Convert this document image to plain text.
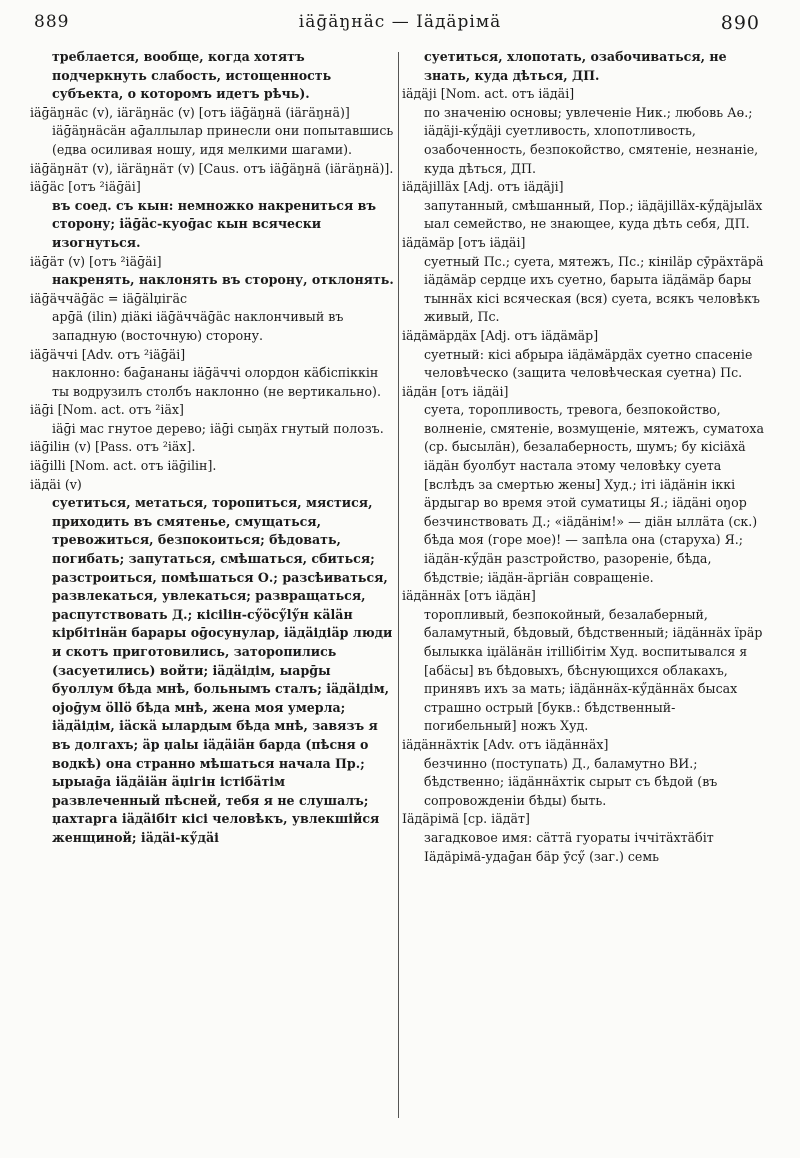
889	iäḡäŋнäс — Іäдäрімä	890
треблается, вообще, когда хотятъ подчеркнуть слабость, истощенность субъекта, о которомъ идетъ рѣчь).
iäḡäŋнäс (v), iäгäŋнäс (v) [отъ iäḡäŋнä (iäгäŋнä)]
iäḡäŋнäсäн аḡаллылар принесли они попытавшись (едва осиливая ношу, идя мелкими шагами).
iäḡäŋнäт (v), iäгäŋнäт (v) [Caus. отъ iäḡäŋнä (iäгäŋнä)].
iäḡäс [отъ ²iäḡäі]
въ соед. съ кын: немножко накрениться въ сторону; iäḡäс-куоḡас кын всячески изогнуться.
iäḡäт (v) [отъ ²iäḡäі]
накренять, наклонять въ сторону, отклонять.
iäḡäччäḡäс = iäḡälџiгäс
арḡä (ilin) дiäкі iäḡäччäḡäс наклончивый въ западную (восточную) сторону.
iäḡäччі [Adv. отъ ²iäḡäі]
наклонно: баḡананы iäḡäччі олордон кäбіспіккін ты водрузилъ столбъ наклонно (не вертикально).
iäḡі [Nom. act. отъ ²iäх]
iäḡі мас гнутое дерево; iäḡі сыŋäх гнутый полозъ.
iäḡilін (v) [Pass. отъ ²iäх].
iäḡilli [Nom. act. отъ iäḡilін].
iäдäі (v)
суетиться, метаться, торопиться, мястися, приходить въ смятенье, смущаться, тревожиться, безпокоиться; бѣдовать, погибать; запутаться, смѣшаться, сбиться; разстроиться, помѣшаться О.; разсѣиваться, развлекаться, увлекаться; развращаться, распутствовать Д.; кісіlін-сӳöсӳlӳн кäläн кірбітінäн барары оḡосунулар, iäдäідіäр люди и скотъ приготовились, заторопились (засуетились) войти; iäдäідім, ыарḡы буоллум бѣда мнѣ, больнымъ сталъ; iäдäідім, оjоḡум öllö бѣда мнѣ, жена моя умерла; iäдäідім, iäскä ылардым бѣда мнѣ, завязъ я въ долгахъ; äр џаlы iäдäiäн барда (пѣсня о водкѣ) она странно мѣшаться начала Пр.; ырыаḡа iäдäiäн äџігін істібäтім развлеченный пѣсней, тебя я не слушалъ; џахтарга iäдäібіт кісі человѣкъ, увлекшійся женщиной; iäдäі-кӳдäі
суетиться, хлопотать, озабочиваться, не знать, куда дѣться, ДП.
iäдäjі [Nom. act. отъ iäдäі]
по значенію основы; увлеченіе Ник.; любовь Аө.; iäдäjі-кӳдäjі суетливость, хлопотливость, озабоченность, безпокойство, смятеніе, незнаніе, куда дѣться, ДП.
iäдäjilläх [Adj. отъ iäдäjі]
запутанный, смѣшанный, Пор.; iäдäjilläх-кӳдäjыläх ыал семейство, не знающее, куда дѣть себя, ДП.
iäдäмäр [отъ iäдäі]
суетный Пс.; суета, мятежъ, Пс.; кінiläр сӯрäхтäрä iäдäмäр сердце ихъ суетно, барыта iäдäмäр бары тыннäх кісі всяческая (вся) суета, всякъ человѣкъ живый, Пс.
iäдäмäрдäх [Adj. отъ iäдäмäр]
суетный: кісі абрыра iäдäмäрдäх суетно спасеніе человѣческо (защита человѣческая суетна) Пс.
iäдäн [отъ iäдäі]
суета, торопливость, тревога, безпокойство, волненіе, смятеніе, возмущеніе, мятежъ, суматоха (ср. бысылäн), безалаберность, шумъ; бу кісіäхä iäдäн буолбут настала этому человѣку суета [вслѣдъ за смертью жены] Худ.; іті iäдäнін іккі äрдыгар во время этой суматицы Я.; iäдäні оŋор безчинствовать Д.; «iäдäнім!» — діäн ыллäта (ск.) бѣда моя (горе мое)! — запѣла она (старуха) Я.; iäдäн-кӳдäн разстройство, разореніе, бѣда, бѣдствіе; iäдäн-äргіäн совращеніе.
iäдäннäх [отъ iäдäн]
торопливый, безпокойный, безалаберный, баламутный, бѣдовый, бѣдственный; iäдäннäх ïрäр былыкка iџäläнäн ітіllібітім Худ. воспитывался я [абäсы] въ бѣдовыхъ, бѣснующихся облакахъ, принявъ ихъ за мать; iäдäннäх-кӳдäннäх бысах страшно острый [букв.: бѣдственный-погибельный] ножъ Худ.
iäдäннäхтік [Adv. отъ iäдäннäх]
безчинно (поступать) Д., баламутно ВИ.; бѣдственно; iäдäннäхтік сырыт съ бѣдой (въ сопровожденіи бѣды) быть.
Іäдäрімä [ср. iäдäт]
загадковое имя: сäттä гуораты іччітäхтäбіт Іäдäрімä-удаḡан бäр ӯсӳ (заг.) семь
